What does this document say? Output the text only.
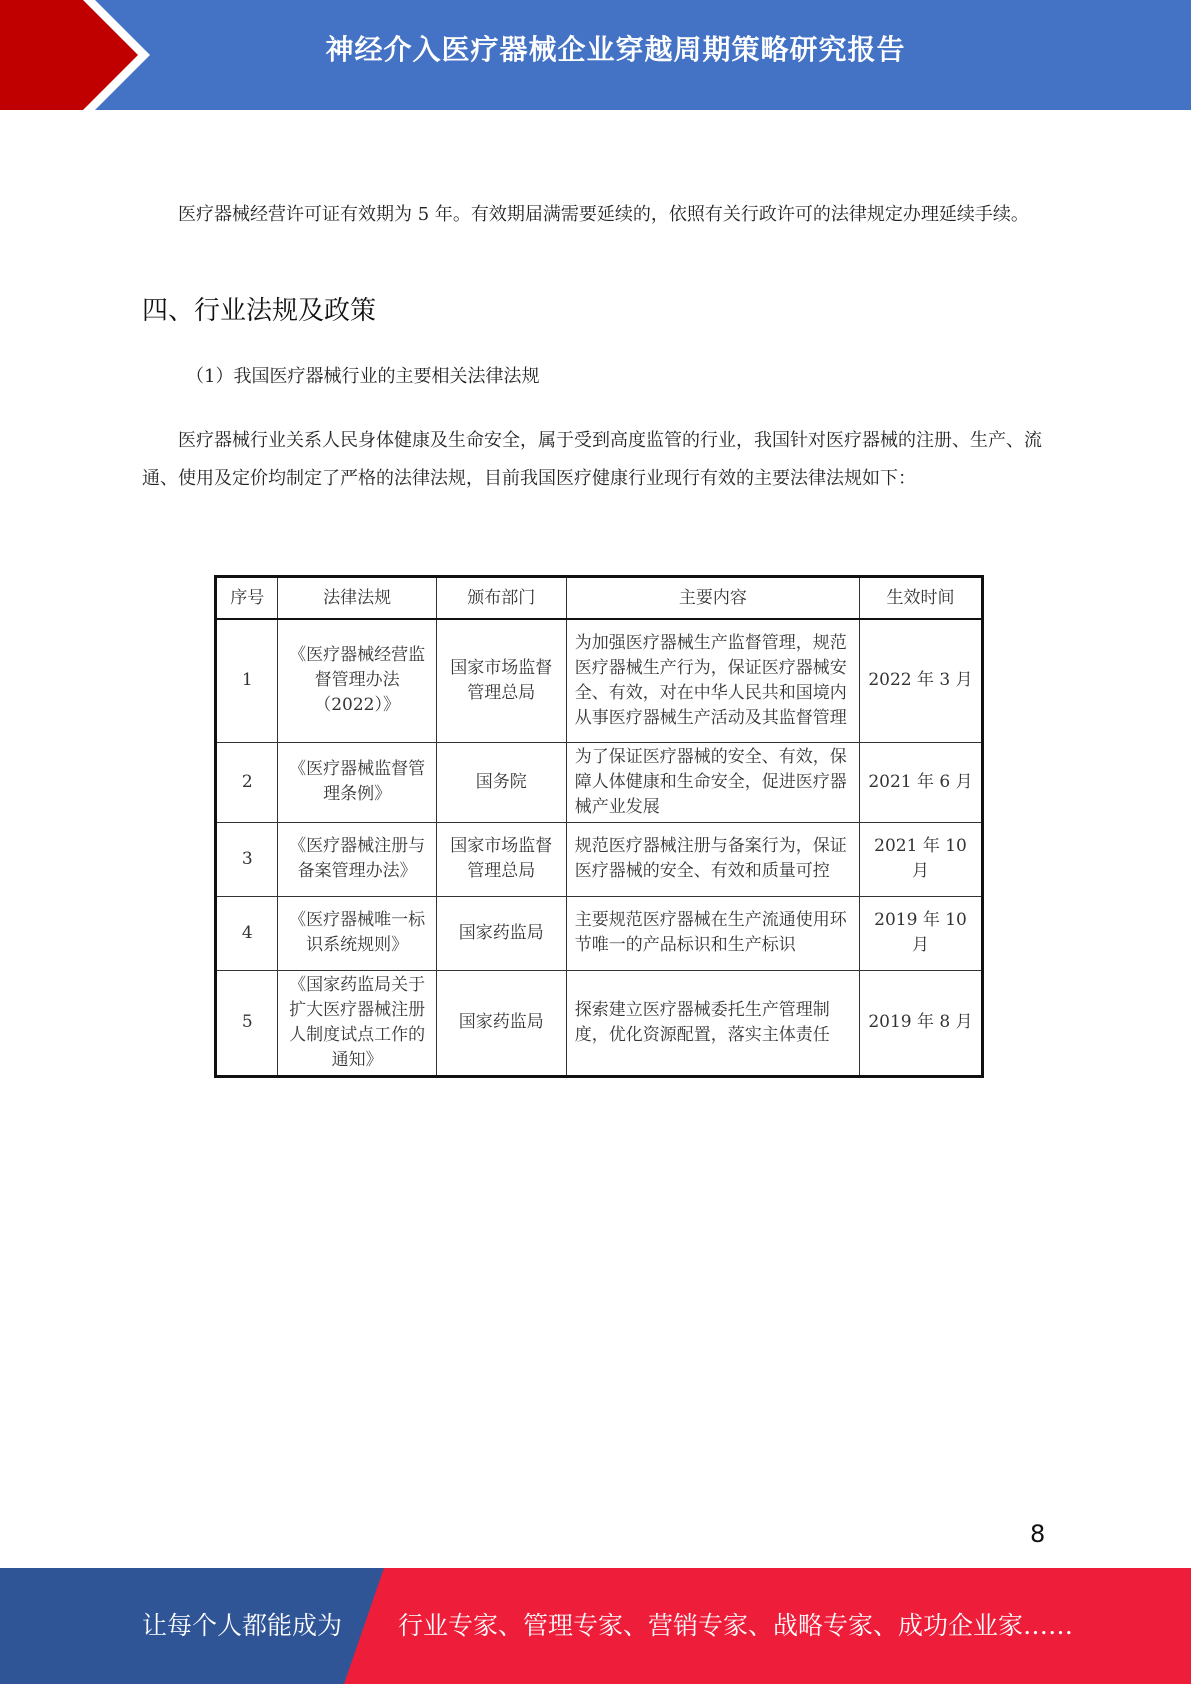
神经介入医疗器械企业穿越周期策略研究报告

医疗器械经营许可证有效期为 5 年。有效期届满需要延续的，依照有关行政许可的法律规定办理延续手续。

四、行业法规及政策

（1）我国医疗器械行业的主要相关法律法规

医疗器械行业关系人民身体健康及生命安全，属于受到高度监管的行业，我国针对医疗器械的注册、生产、流通、使用及定价均制定了严格的法律法规，目前我国医疗健康行业现行有效的主要法律法规如下：

序号	法律法规	颁布部门	主要内容	生效时间
1	《医疗器械经营监督管理办法（2022）》	国家市场监督管理总局	为加强医疗器械生产监督管理，规范医疗器械生产行为，保证医疗器械安全、有效，对在中华人民共和国境内从事医疗器械生产活动及其监督管理	2022 年 3 月
2	《医疗器械监督管理条例》	国务院	为了保证医疗器械的安全、有效，保障人体健康和生命安全，促进医疗器械产业发展	2021 年 6 月
3	《医疗器械注册与备案管理办法》	国家市场监督管理总局	规范医疗器械注册与备案行为，保证医疗器械的安全、有效和质量可控	2021 年 10 月
4	《医疗器械唯一标识系统规则》	国家药监局	主要规范医疗器械在生产流通使用环节唯一的产品标识和生产标识	2019 年 10 月
5	《国家药监局关于扩大医疗器械注册人制度试点工作的通知》	国家药监局	探索建立医疗器械委托生产管理制度，优化资源配置，落实主体责任	2019 年 8 月
8
让每个人都能成为 行业专家、管理专家、营销专家、战略专家、成功企业家……
